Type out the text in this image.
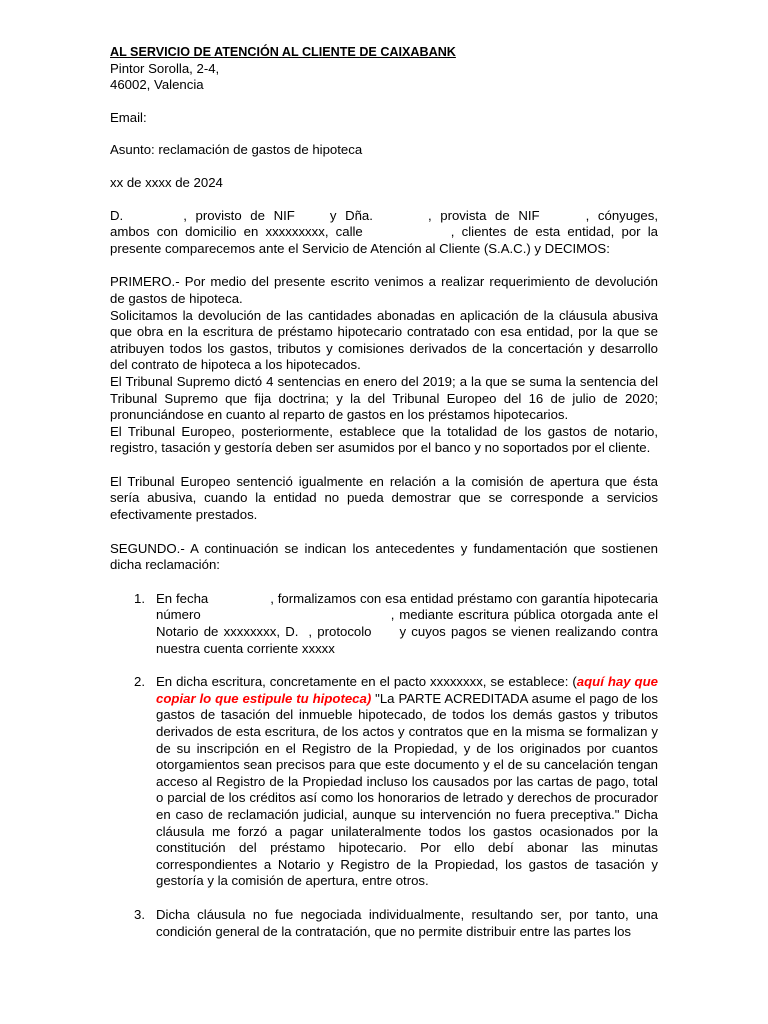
AL SERVICIO DE ATENCIÓN AL CLIENTE DE CAIXABANK

Pintor Sorolla, 2-4,

46002, Valencia

Email:

Asunto: reclamación de gastos de hipoteca

xx de xxxx de 2024

D.	, provisto de NIF	y Dña.	, provista de NIF	, cónyuges, ambos con domicilio en xxxxxxxxx, calle	, clientes de esta entidad, por la presente comparecemos ante el Servicio de Atención al Cliente (S.A.C.) y DECIMOS:

PRIMERO.- Por medio del presente escrito venimos a realizar requerimiento de devolución de gastos de hipoteca.

Solicitamos la devolución de las cantidades abonadas en aplicación de la cláusula abusiva que obra en la escritura de préstamo hipotecario contratado con esa entidad, por la que se atribuyen todos los gastos, tributos y comisiones derivados de la concertación y desarrollo del contrato de hipoteca a los hipotecados.

El Tribunal Supremo dictó 4 sentencias en enero del 2019; a la que se suma la sentencia del Tribunal Supremo que fija doctrina; y la del Tribunal Europeo del 16 de julio de 2020; pronunciándose en cuanto al reparto de gastos en los préstamos hipotecarios.

El Tribunal Europeo, posteriormente, establece que la totalidad de los gastos de notario, registro, tasación y gestoría deben ser asumidos por el banco y no soportados por el cliente.

El Tribunal Europeo sentenció igualmente en relación a la comisión de apertura que ésta sería abusiva, cuando la entidad no pueda demostrar que se corresponde a servicios efectivamente prestados.

SEGUNDO.- A continuación se indican los antecedentes y fundamentación que sostienen dicha reclamación:

1. En fecha	, formalizamos con esa entidad préstamo con garantía hipotecaria número	, mediante escritura pública otorgada ante el Notario de xxxxxxxx, D. , protocolo y cuyos pagos se vienen realizando contra nuestra cuenta corriente xxxxx
2. En dicha escritura, concretamente en el pacto xxxxxxxx, se establece: (aquí hay que copiar lo que estipule tu hipoteca) "La PARTE ACREDITADA asume el pago de los gastos de tasación del inmueble hipotecado, de todos los demás gastos y tributos derivados de esta escritura, de los actos y contratos que en la misma se formalizan y de su inscripción en el Registro de la Propiedad, y de los originados por cuantos otorgamientos sean precisos para que este documento y el de su cancelación tengan acceso al Registro de la Propiedad incluso los causados por las cartas de pago, total o parcial de los créditos así como los honorarios de letrado y derechos de procurador en caso de reclamación judicial, aunque su intervención no fuera preceptiva." Dicha cláusula me forzó a pagar unilateralmente todos los gastos ocasionados por la constitución del préstamo hipotecario. Por ello debí abonar las minutas correspondientes a Notario y Registro de la Propiedad, los gastos de tasación y gestoría y la comisión de apertura, entre otros.
3. Dicha cláusula no fue negociada individualmente, resultando ser, por tanto, una condición general de la contratación, que no permite distribuir entre las partes los
